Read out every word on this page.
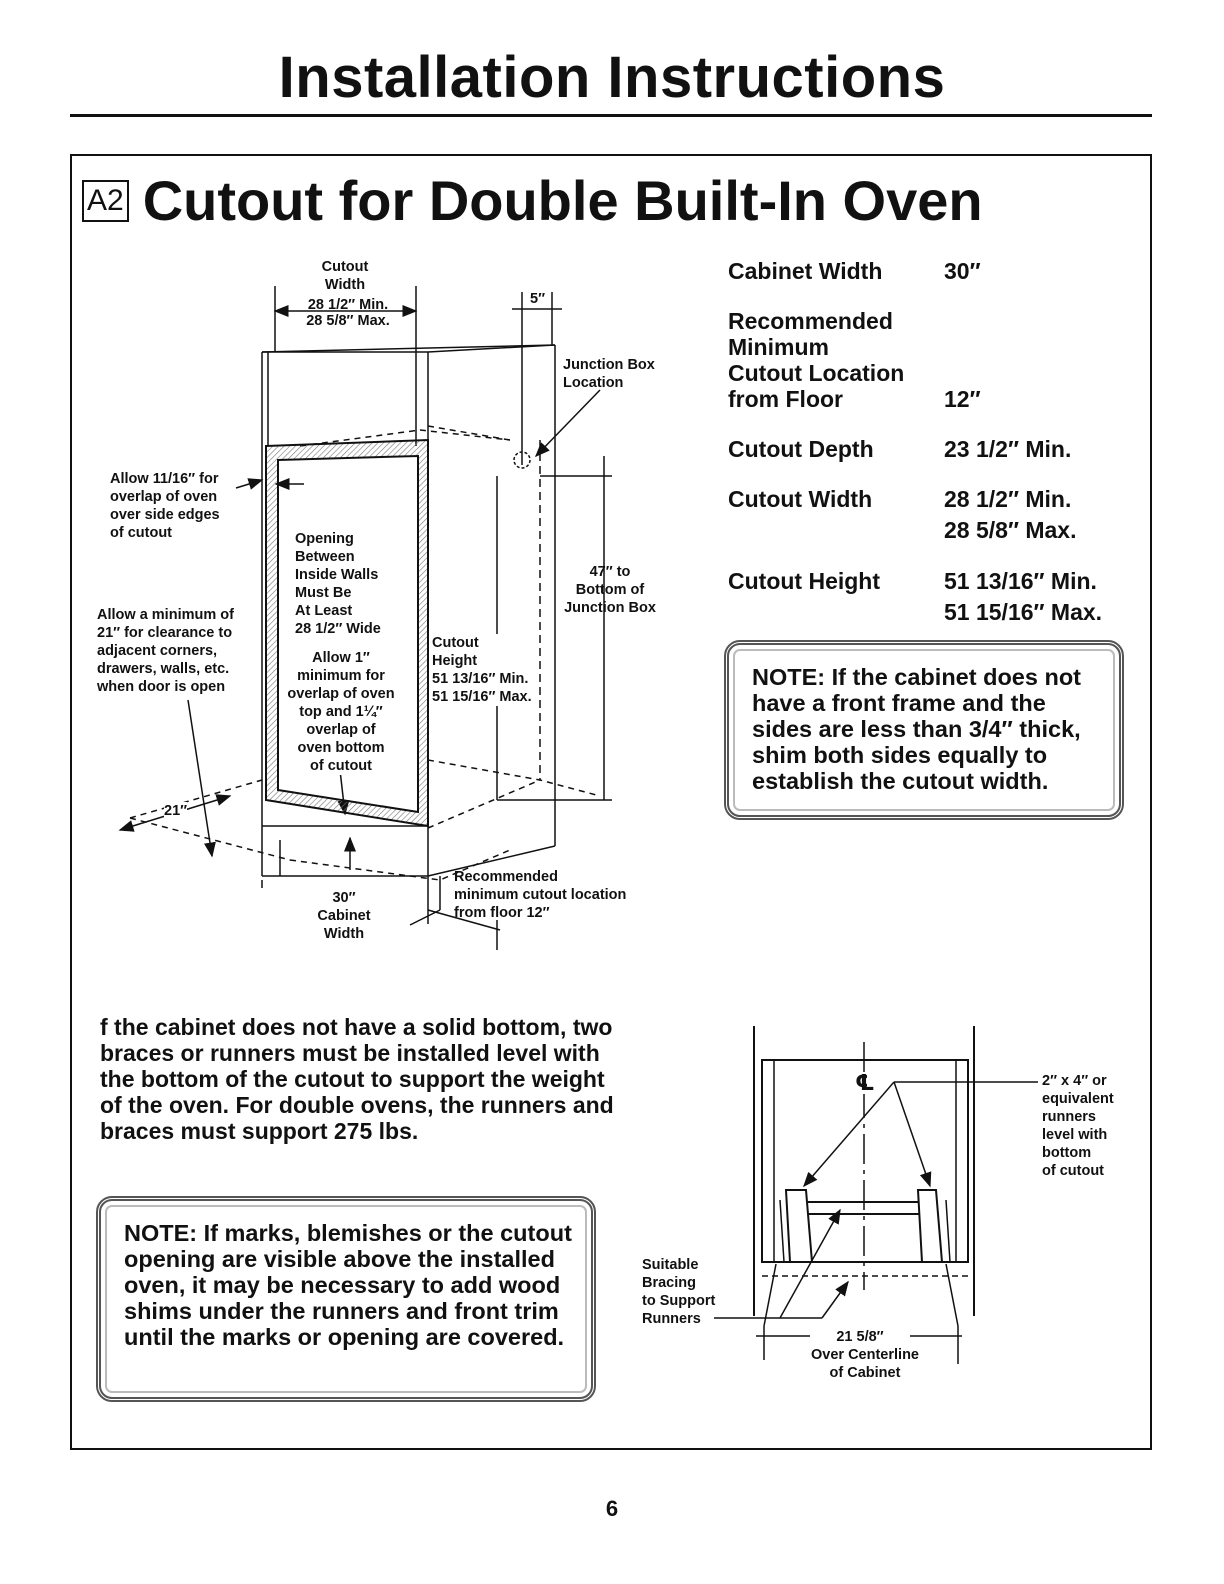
Installation Instructions
A2 Cutout for Double Built-In Oven
Cabinet Width	30″
Recommended
Minimum
Cutout Location
from Floor	12″
Cutout Depth	23 1/2″ Min.
Cutout Width	28 1/2″ Min.
28 5/8″ Max.
Cutout Height	51 13/16″ Min.
51 15/16″ Max.
NOTE: If the cabinet does not have a front frame and the sides are less than 3/4″ thick, shim both sides equally to establish the cutout width.
Cutout
Width
28 1/2″ Min.
28 5/8″ Max.
5″
Junction Box
Location
Allow 11/16″ for
overlap of oven
over side edges
of cutout	Opening
Between
Inside Walls
Must Be
At Least
28 1/2″ Wide
Allow a minimum of
21″ for clearance to
adjacent corners,
drawers, walls, etc.
when door is open
Allow 1″
minimum for
overlap of oven
top and 1¼″
overlap of
oven bottom
of cutout
47″ to
Bottom of
Junction Box
Cutout
Height
51 13/16″ Min.
51 15/16″ Max.
21″
Recommended
minimum cutout location
from floor 12″
30″
Cabinet
Width
f the cabinet does not have a solid bottom, two braces or runners must be installed level with the bottom of the cutout to support the weight of the oven. For double ovens, the runners and braces must support 275 lbs.
NOTE: If marks, blemishes or the cutout opening are visible above the installed oven, it may be necessary to add wood shims under the runners and front trim until the marks or opening are covered.
℄	2″ x 4″ or
equivalent
runners
level with
bottom
of cutout
Suitable
Bracing
to Support
Runners
21 5/8″
Over Centerline
of Cabinet
6
